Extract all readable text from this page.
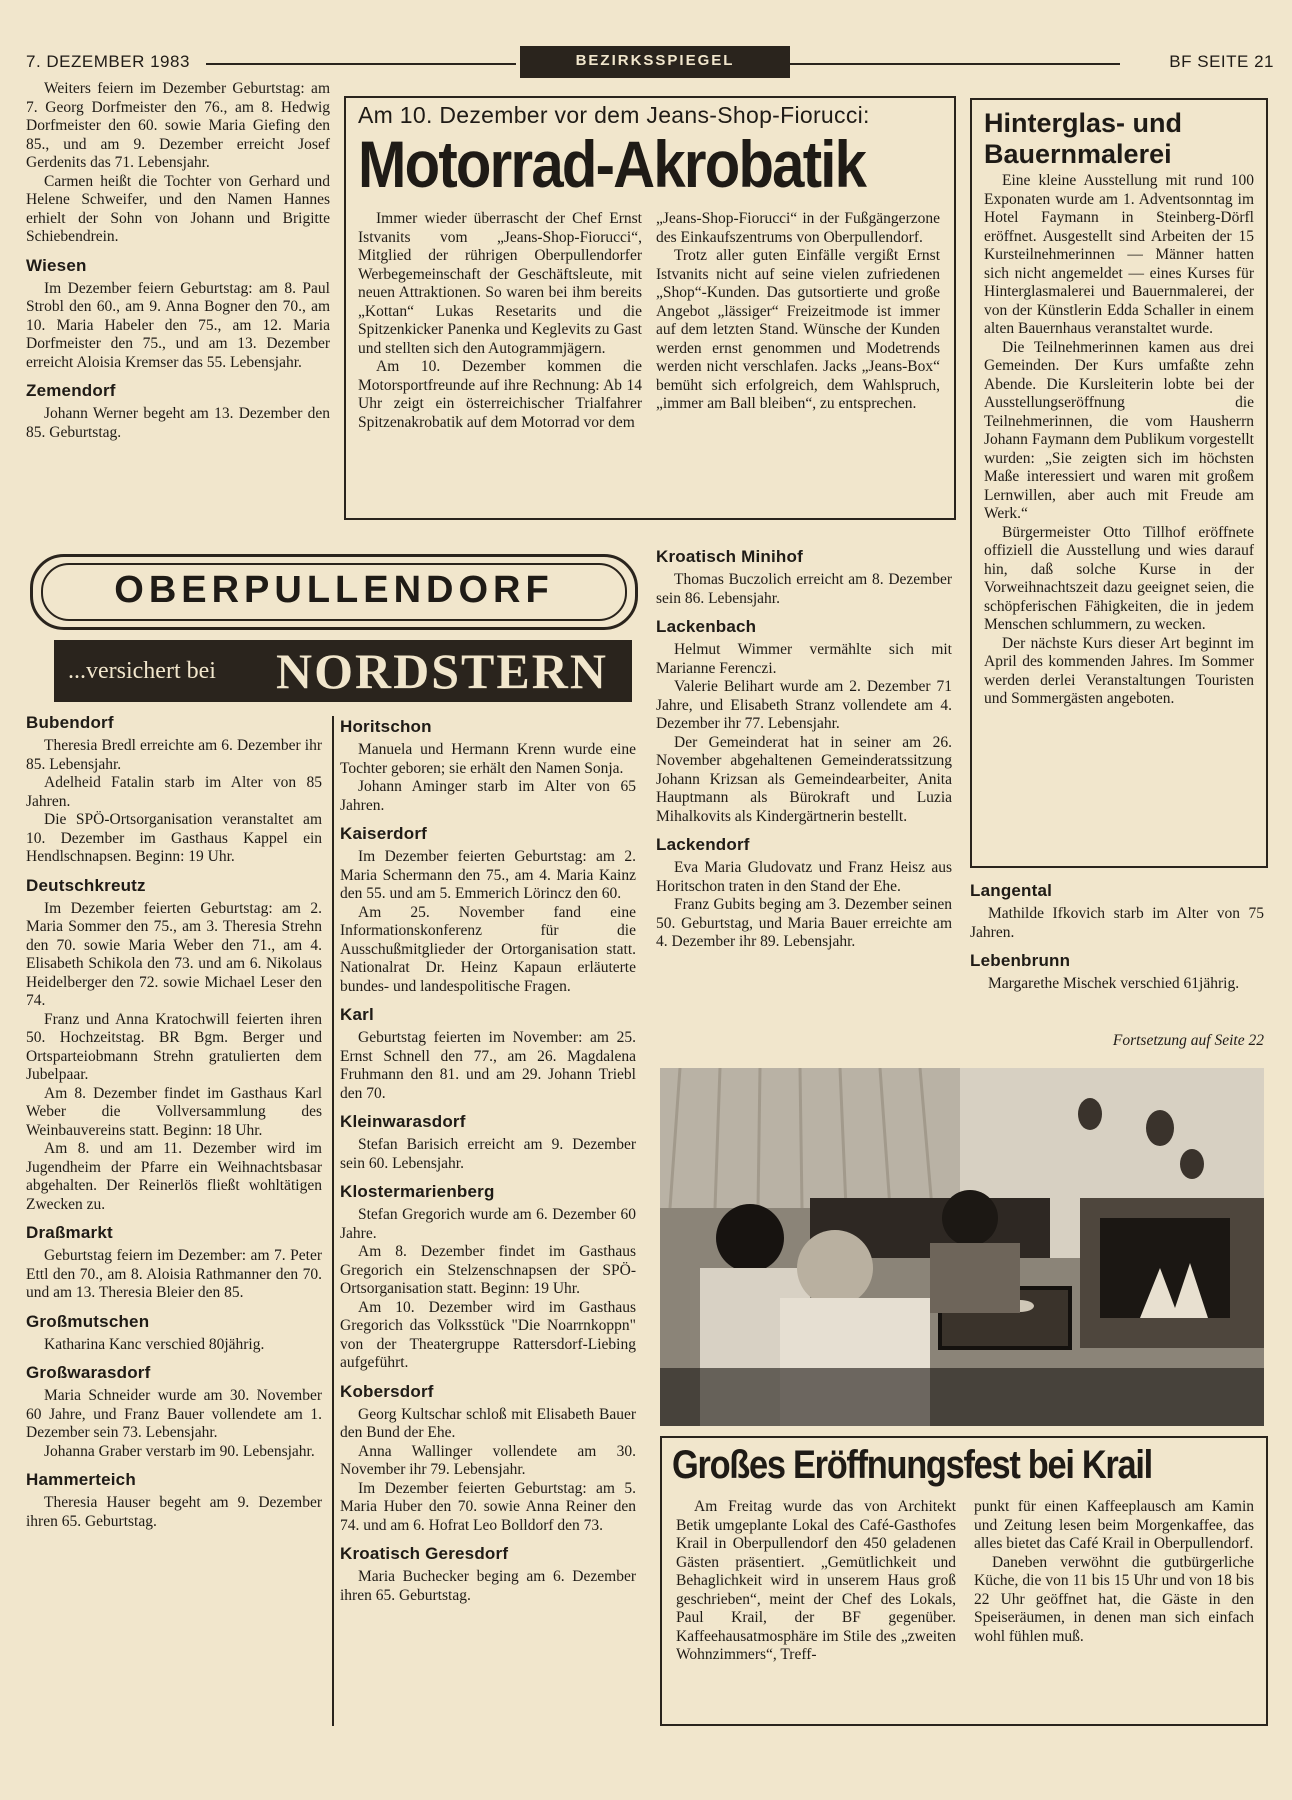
7. DEZEMBER 1983	BEZIRKSSPIEGEL	BF SEITE 21

Weiters feiern im Dezember Geburtstag: am 7. Georg Dorfmeister den 76., am 8. Hedwig Dorfmeister den 60. sowie Maria Giefing den 85., und am 9. Dezember erreicht Josef Gerdenits das 71. Lebensjahr.

Carmen heißt die Tochter von Gerhard und Helene Schweifer, und den Namen Hannes erhielt der Sohn von Johann und Brigitte Schiebendrein.

Wiesen

Im Dezember feiern Geburtstag: am 8. Paul Strobl den 60., am 9. Anna Bogner den 70., am 10. Maria Habeler den 75., am 12. Maria Dorfmeister den 75., und am 13. Dezember erreicht Aloisia Kremser das 55. Lebensjahr.

Zemendorf

Johann Werner begeht am 13. Dezember den 85. Geburtstag.

Am 10. Dezember vor dem Jeans-Shop-Fiorucci:
Motorrad-Akrobatik

Immer wieder überrascht der Chef Ernst Istvanits vom „Jeans-Shop-Fiorucci“, Mitglied der rührigen Oberpullendorfer Werbegemeinschaft der Geschäftsleute, mit neuen Attraktionen. So waren bei ihm bereits „Kottan“ Lukas Resetarits und die Spitzenkicker Panenka und Keglevits zu Gast und stellten sich den Autogrammjägern.

Am 10. Dezember kommen die Motorsportfreunde auf ihre Rechnung: Ab 14 Uhr zeigt ein österreichischer Trialfahrer Spitzenakrobatik auf dem Motorrad vor dem

„Jeans-Shop-Fiorucci“ in der Fußgängerzone des Einkaufszentrums von Oberpullendorf.

Trotz aller guten Einfälle vergißt Ernst Istvanits nicht auf seine vielen zufriedenen „Shop“-Kunden. Das gutsortierte und große Angebot „lässiger“ Freizeitmode ist immer auf dem letzten Stand. Wünsche der Kunden werden ernst genommen und Modetrends werden nicht verschlafen. Jacks „Jeans-Box“ bemüht sich erfolgreich, dem Wahlspruch, „immer am Ball bleiben“, zu entsprechen.

Hinterglas- und Bauernmalerei

Eine kleine Ausstellung mit rund 100 Exponaten wurde am 1. Adventsonntag im Hotel Faymann in Steinberg-Dörfl eröffnet. Ausgestellt sind Arbeiten der 15 Kursteilnehmerinnen — Männer hatten sich nicht angemeldet — eines Kurses für Hinterglasmalerei und Bauernmalerei, der von der Künstlerin Edda Schaller in einem alten Bauernhaus veranstaltet wurde.

Die Teilnehmerinnen kamen aus drei Gemeinden. Der Kurs umfaßte zehn Abende. Die Kursleiterin lobte bei der Ausstellungseröffnung die Teilnehmerinnen, die vom Hausherrn Johann Faymann dem Publikum vorgestellt wurden: „Sie zeigten sich im höchsten Maße interessiert und waren mit großem Lernwillen, aber auch mit Freude am Werk.“

Bürgermeister Otto Tillhof eröffnete offiziell die Ausstellung und wies darauf hin, daß solche Kurse in der Vorweihnachtszeit dazu geeignet seien, die schöpferischen Fähigkeiten, die in jedem Menschen schlummern, zu wecken.

Der nächste Kurs dieser Art beginnt im April des kommenden Jahres. Im Sommer werden derlei Veranstaltungen Touristen und Sommergästen angeboten.

OBERPULLENDORF
...versichert bei NORDSTERN
Bubendorf

Theresia Bredl erreichte am 6. Dezember ihr 85. Lebensjahr.

Adelheid Fatalin starb im Alter von 85 Jahren.

Die SPÖ-Ortsorganisation veranstaltet am 10. Dezember im Gasthaus Kappel ein Hendlschnapsen. Beginn: 19 Uhr.

Deutschkreutz

Im Dezember feierten Geburtstag: am 2. Maria Sommer den 75., am 3. Theresia Strehn den 70. sowie Maria Weber den 71., am 4. Elisabeth Schikola den 73. und am 6. Nikolaus Heidelberger den 72. sowie Michael Leser den 74.

Franz und Anna Kratochwill feierten ihren 50. Hochzeitstag. BR Bgm. Berger und Ortsparteiobmann Strehn gratulierten dem Jubelpaar.

Am 8. Dezember findet im Gasthaus Karl Weber die Vollversammlung des Weinbauvereins statt. Beginn: 18 Uhr.

Am 8. und am 11. Dezember wird im Jugendheim der Pfarre ein Weihnachtsbasar abgehalten. Der Reinerlös fließt wohltätigen Zwecken zu.

Draßmarkt

Geburtstag feiern im Dezember: am 7. Peter Ettl den 70., am 8. Aloisia Rathmanner den 70. und am 13. Theresia Bleier den 85.

Großmutschen

Katharina Kanc verschied 80jährig.

Großwarasdorf

Maria Schneider wurde am 30. November 60 Jahre, und Franz Bauer vollendete am 1. Dezember sein 73. Lebensjahr.

Johanna Graber verstarb im 90. Lebensjahr.

Hammerteich

Theresia Hauser begeht am 9. Dezember ihren 65. Geburtstag.

Horitschon

Manuela und Hermann Krenn wurde eine Tochter geboren; sie erhält den Namen Sonja.

Johann Aminger starb im Alter von 65 Jahren.

Kaiserdorf

Im Dezember feierten Geburtstag: am 2. Maria Schermann den 75., am 4. Maria Kainz den 55. und am 5. Emmerich Lörincz den 60.

Am 25. November fand eine Informationskonferenz für die Ausschußmitglieder der Ortorganisation statt. Nationalrat Dr. Heinz Kapaun erläuterte bundes- und landespolitische Fragen.

Karl

Geburtstag feierten im November: am 25. Ernst Schnell den 77., am 26. Magdalena Fruhmann den 81. und am 29. Johann Triebl den 70.

Kleinwarasdorf

Stefan Barisich erreicht am 9. Dezember sein 60. Lebensjahr.

Klostermarienberg

Stefan Gregorich wurde am 6. Dezember 60 Jahre.

Am 8. Dezember findet im Gasthaus Gregorich ein Stelzenschnapsen der SPÖ-Ortsorganisation statt. Beginn: 19 Uhr.

Am 10. Dezember wird im Gasthaus Gregorich das Volksstück "Die Noarrnkoppn" von der Theatergruppe Rattersdorf-Liebing aufgeführt.

Kobersdorf

Georg Kultschar schloß mit Elisabeth Bauer den Bund der Ehe.

Anna Wallinger vollendete am 30. November ihr 79. Lebensjahr.

Im Dezember feierten Geburtstag: am 5. Maria Huber den 70. sowie Anna Reiner den 74. und am 6. Hofrat Leo Bolldorf den 73.

Kroatisch Geresdorf

Maria Buchecker beging am 6. Dezember ihren 65. Geburtstag.

Kroatisch Minihof

Thomas Buczolich erreicht am 8. Dezember sein 86. Lebensjahr.

Lackenbach

Helmut Wimmer vermählte sich mit Marianne Ferenczi.

Valerie Belihart wurde am 2. Dezember 71 Jahre, und Elisabeth Stranz vollendete am 4. Dezember ihr 77. Lebensjahr.

Der Gemeinderat hat in seiner am 26. November abgehaltenen Gemeinderatssitzung Johann Krizsan als Gemeindearbeiter, Anita Hauptmann als Bürokraft und Luzia Mihalkovits als Kindergärtnerin bestellt.

Lackendorf

Eva Maria Gludovatz und Franz Heisz aus Horitschon traten in den Stand der Ehe.

Franz Gubits beging am 3. Dezember seinen 50. Geburtstag, und Maria Bauer erreichte am 4. Dezember ihr 89. Lebensjahr.

Langental

Mathilde Ifkovich starb im Alter von 75 Jahren.

Lebenbrunn

Margarethe Mischek verschied 61jährig.

Fortsetzung auf Seite 22
Großes Eröffnungsfest bei Krail

Am Freitag wurde das von Architekt Betik umgeplante Lokal des Café-Gasthofes Krail in Oberpullendorf den 450 geladenen Gästen präsentiert. „Gemütlichkeit und Behaglichkeit wird in unserem Haus groß geschrieben“, meint der Chef des Lokals, Paul Krail, der BF gegenüber. Kaffeehausatmosphäre im Stile des „zweiten Wohnzimmers“, Treff-

punkt für einen Kaffeeplausch am Kamin und Zeitung lesen beim Morgenkaffee, das alles bietet das Café Krail in Oberpullendorf.

Daneben verwöhnt die gutbürgerliche Küche, die von 11 bis 15 Uhr und von 18 bis 22 Uhr geöffnet hat, die Gäste in den Speiseräumen, in denen man sich einfach wohl fühlen muß.
